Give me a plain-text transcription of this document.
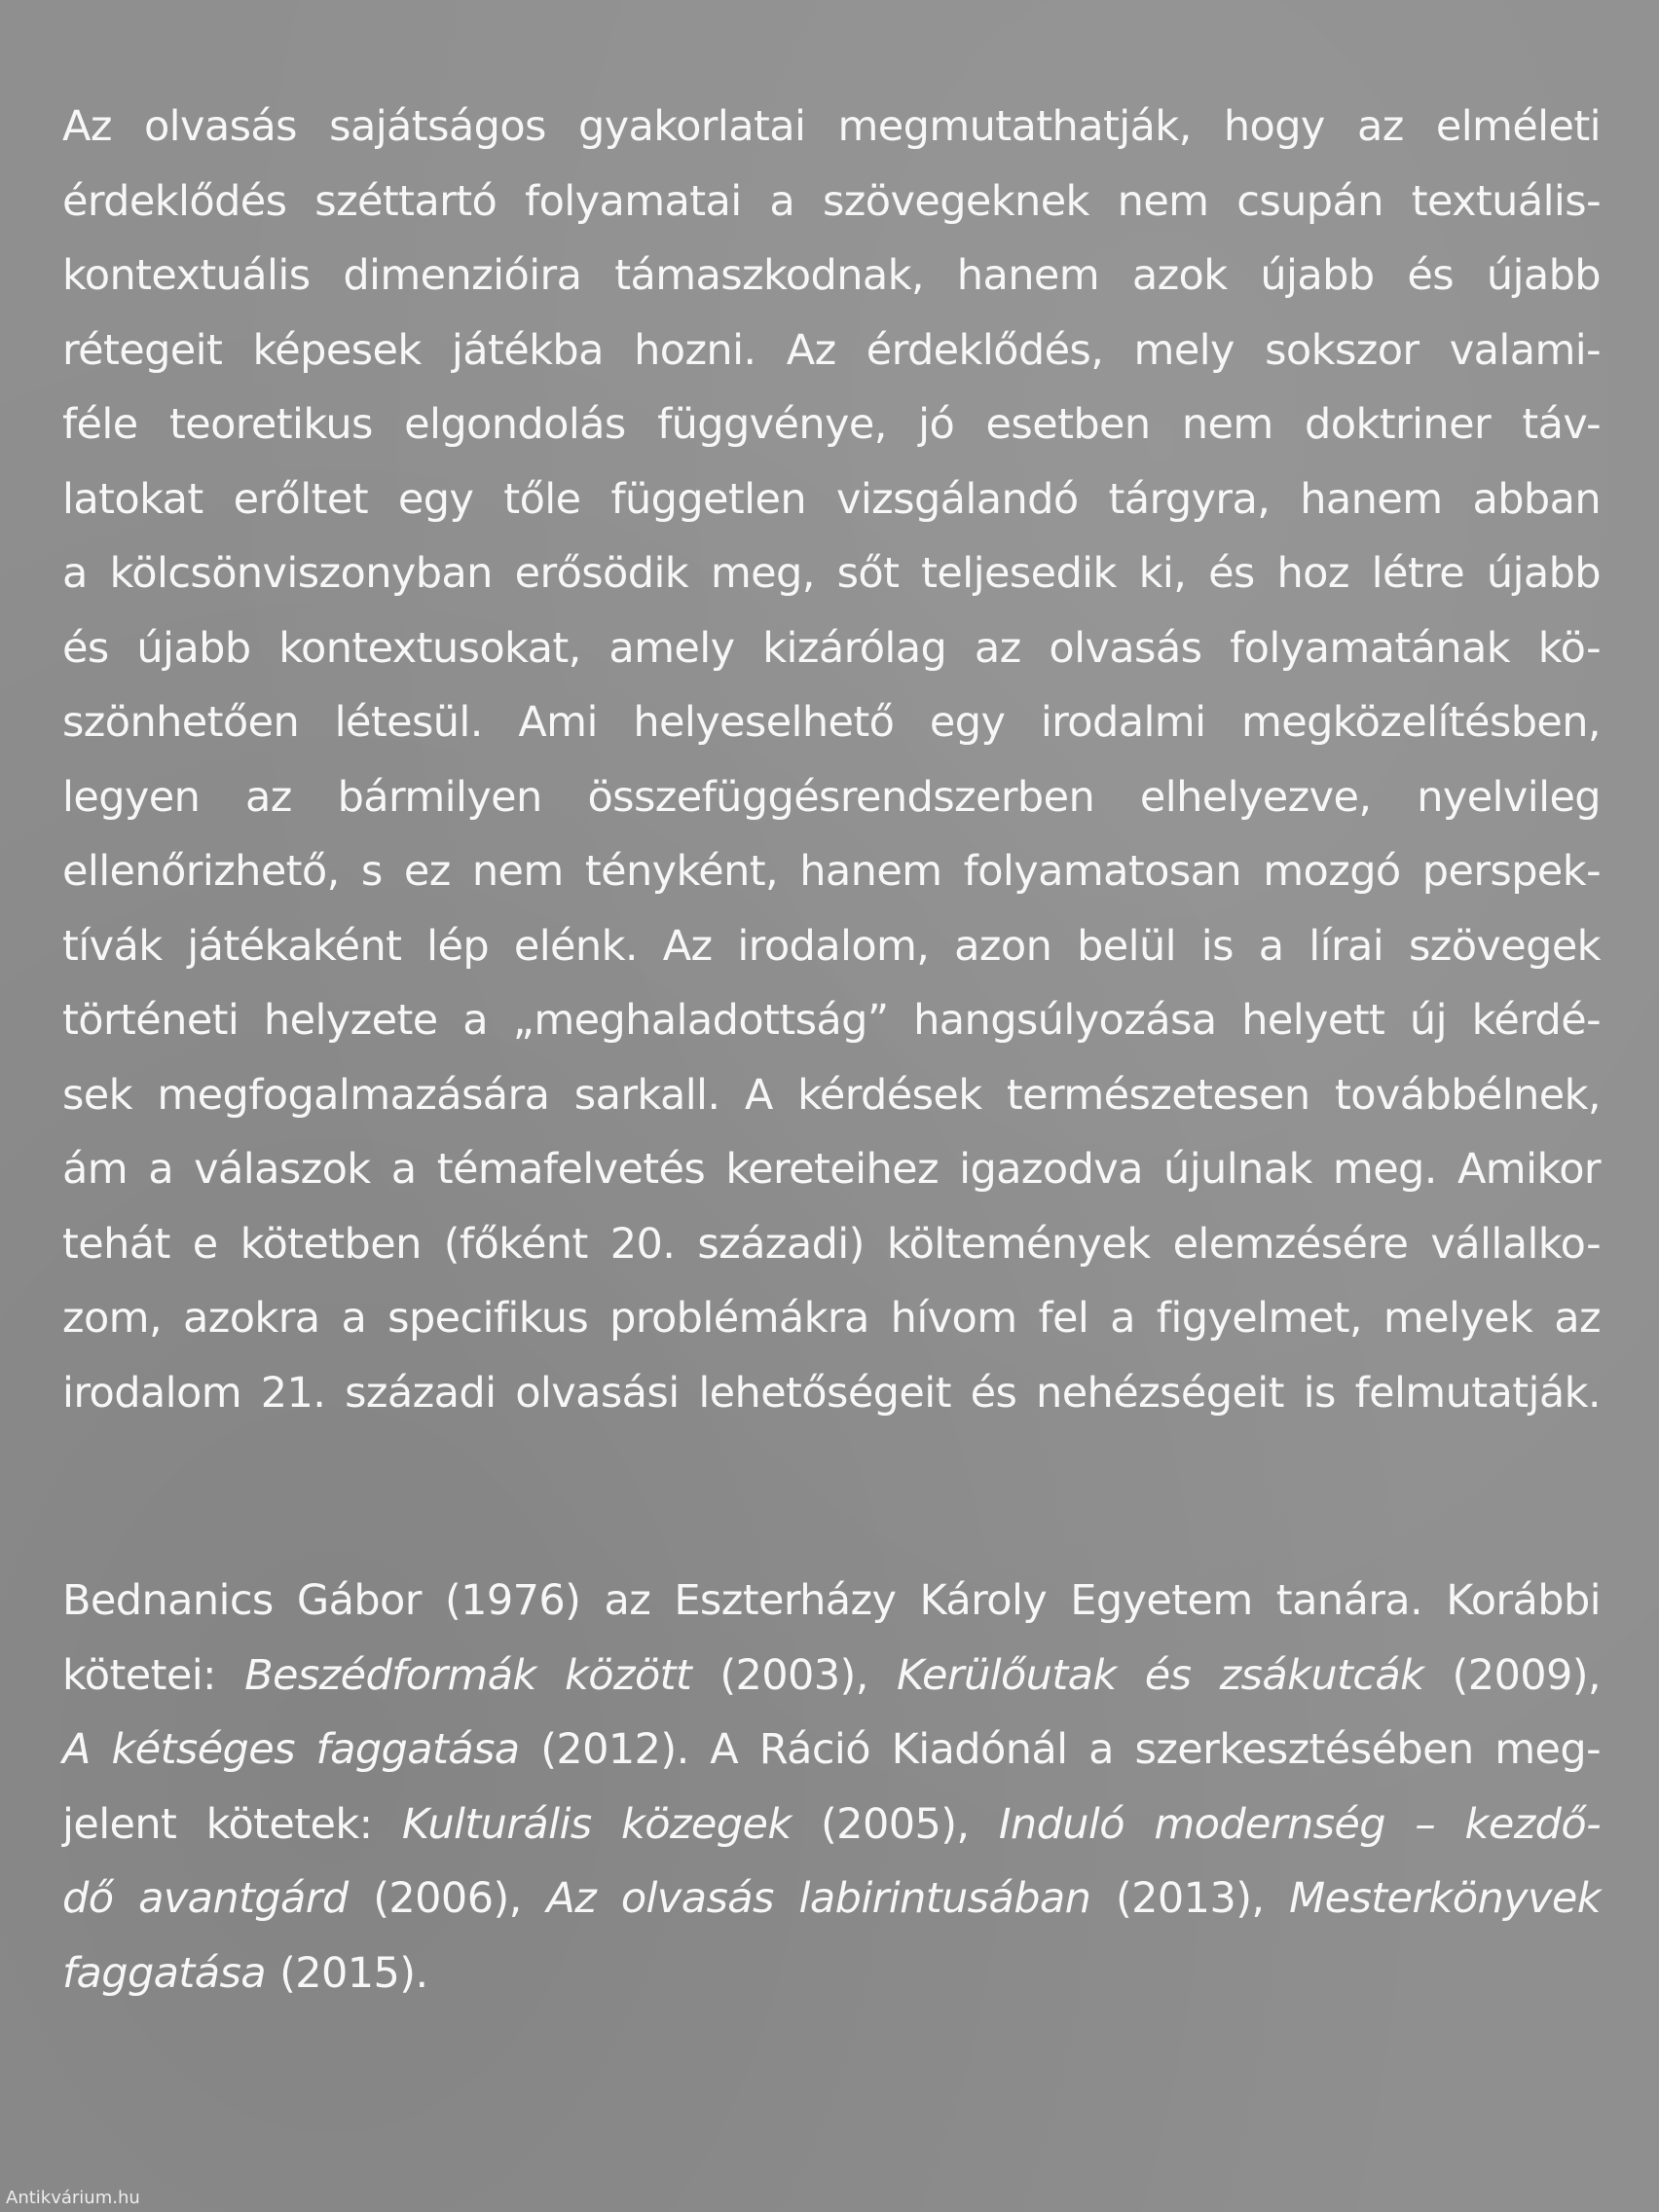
Az olvasás sajátságos gyakorlatai megmutathatják, hogy az elméleti
érdeklődés széttartó folyamatai a szövegeknek nem csupán textuális-
kontextuális dimenzióira támaszkodnak, hanem azok újabb és újabb
rétegeit képesek játékba hozni. Az érdeklődés, mely sokszor valami-
féle teoretikus elgondolás függvénye, jó esetben nem doktriner táv-
latokat erőltet egy tőle független vizsgálandó tárgyra, hanem abban
a kölcsönviszonyban erősödik meg, sőt teljesedik ki, és hoz létre újabb
és újabb kontextusokat, amely kizárólag az olvasás folyamatának kö-
szönhetően létesül. Ami helyeselhető egy irodalmi megközelítésben,
legyen az bármilyen összefüggésrendszerben elhelyezve, nyelvileg
ellenőrizhető, s ez nem tényként, hanem folyamatosan mozgó perspek-
tívák játékaként lép elénk. Az irodalom, azon belül is a lírai szövegek
történeti helyzete a „meghaladottság” hangsúlyozása helyett új kérdé-
sek megfogalmazására sarkall. A kérdések természetesen továbbélnek,
ám a válaszok a témafelvetés kereteihez igazodva újulnak meg. Amikor
tehát e kötetben (főként 20. századi) költemények elemzésére vállalko-
zom, azokra a specifikus problémákra hívom fel a figyelmet, melyek az
irodalom 21. századi olvasási lehetőségeit és nehézségeit is felmutatják.
Bednanics Gábor (1976) az Eszterházy Károly Egyetem tanára. Korábbi
kötetei: Beszédformák között (2003), Kerülőutak és zsákutcák (2009),
A kétséges faggatása (2012). A Ráció Kiadónál a szerkesztésében meg-
jelent kötetek: Kulturális közegek (2005), Induló modernség – kezdő-
dő avantgárd (2006), Az olvasás labirintusában (2013), Mesterkönyvek
faggatása (2015).
Antikvárium.hu
